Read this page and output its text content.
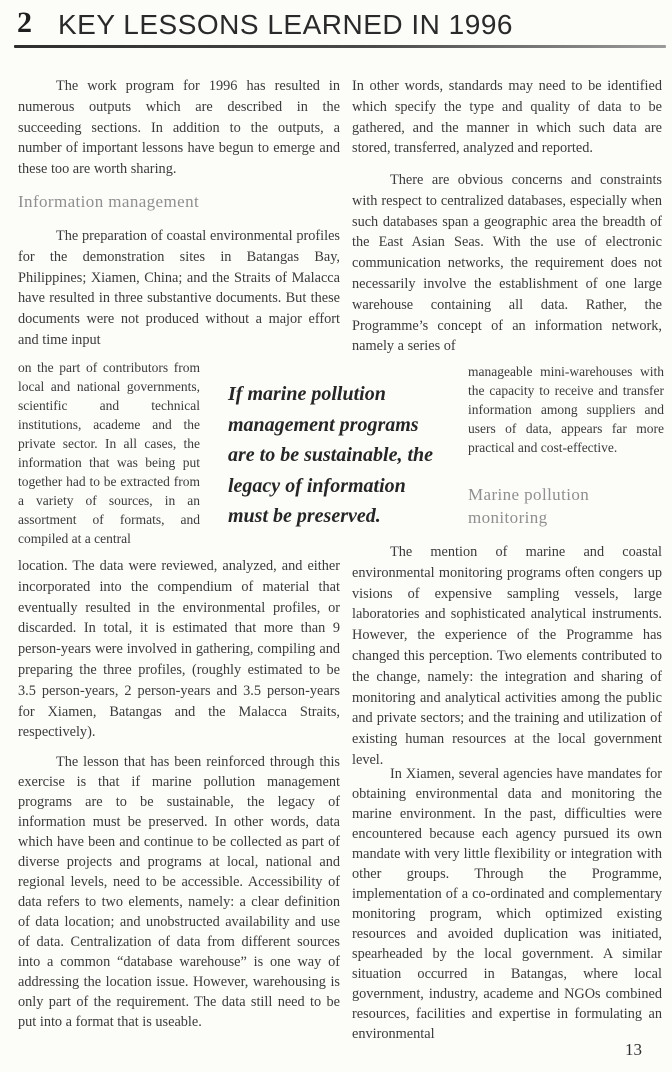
2 KEY LESSONS LEARNED IN 1996
The work program for 1996 has resulted in numerous outputs which are described in the succeeding sections. In addition to the outputs, a number of important lessons have begun to emerge and these too are worth sharing.
Information management
The preparation of coastal environmental profiles for the demonstration sites in Batangas Bay, Philippines; Xiamen, China; and the Straits of Malacca have resulted in three substantive documents. But these documents were not produced without a major effort and time input
on the part of contributors from local and national governments, scientific and technical institutions, academe and the private sector. In all cases, the information that was being put together had to be extracted from a variety of sources, in an assortment of formats, and compiled at a central
location. The data were reviewed, analyzed, and either incorporated into the compendium of material that eventually resulted in the environmental profiles, or discarded. In total, it is estimated that more than 9 person-years were involved in gathering, compiling and preparing the three profiles, (roughly estimated to be 3.5 person-years, 2 person-years and 3.5 person-years for Xiamen, Batangas and the Malacca Straits, respectively).
The lesson that has been reinforced through this exercise is that if marine pollution management programs are to be sustainable, the legacy of information must be preserved. In other words, data which have been and continue to be collected as part of diverse projects and programs at local, national and regional levels, need to be accessible. Accessibility of data refers to two elements, namely: a clear definition of data location; and unobstructed availability and use of data. Centralization of data from different sources into a common “database warehouse” is one way of addressing the location issue. However, warehousing is only part of the requirement. The data still need to be put into a format that is useable.
If marine pollution
management programs
are to be sustainable, the
legacy of information
must be preserved.
In other words, standards may need to be identified which specify the type and quality of data to be gathered, and the manner in which such data are stored, transferred, analyzed and reported.
There are obvious concerns and constraints with respect to centralized databases, especially when such databases span a geographic area the breadth of the East Asian Seas. With the use of electronic communication networks, the requirement does not necessarily involve the establishment of one large warehouse containing all data. Rather, the Programme’s concept of an information network, namely a series of
manageable mini-warehouses with the capacity to receive and transfer information among suppliers and users of data, appears far more practical and cost-effective.
Marine pollution monitoring
The mention of marine and coastal environmental monitoring programs often congers up visions of expensive sampling vessels, large laboratories and sophisticated analytical instruments. However, the experience of the Programme has changed this perception. Two elements contributed to the change, namely: the integration and sharing of monitoring and analytical activities among the public and private sectors; and the training and utilization of existing human resources at the local government level.
In Xiamen, several agencies have mandates for obtaining environmental data and monitoring the marine environment. In the past, difficulties were encountered because each agency pursued its own mandate with very little flexibility or integration with other groups. Through the Programme, implementation of a co-ordinated and complementary monitoring program, which optimized existing resources and avoided duplication was initiated, spearheaded by the local government. A similar situation occurred in Batangas, where local government, industry, academe and NGOs combined resources, facilities and expertise in formulating an environmental
13
